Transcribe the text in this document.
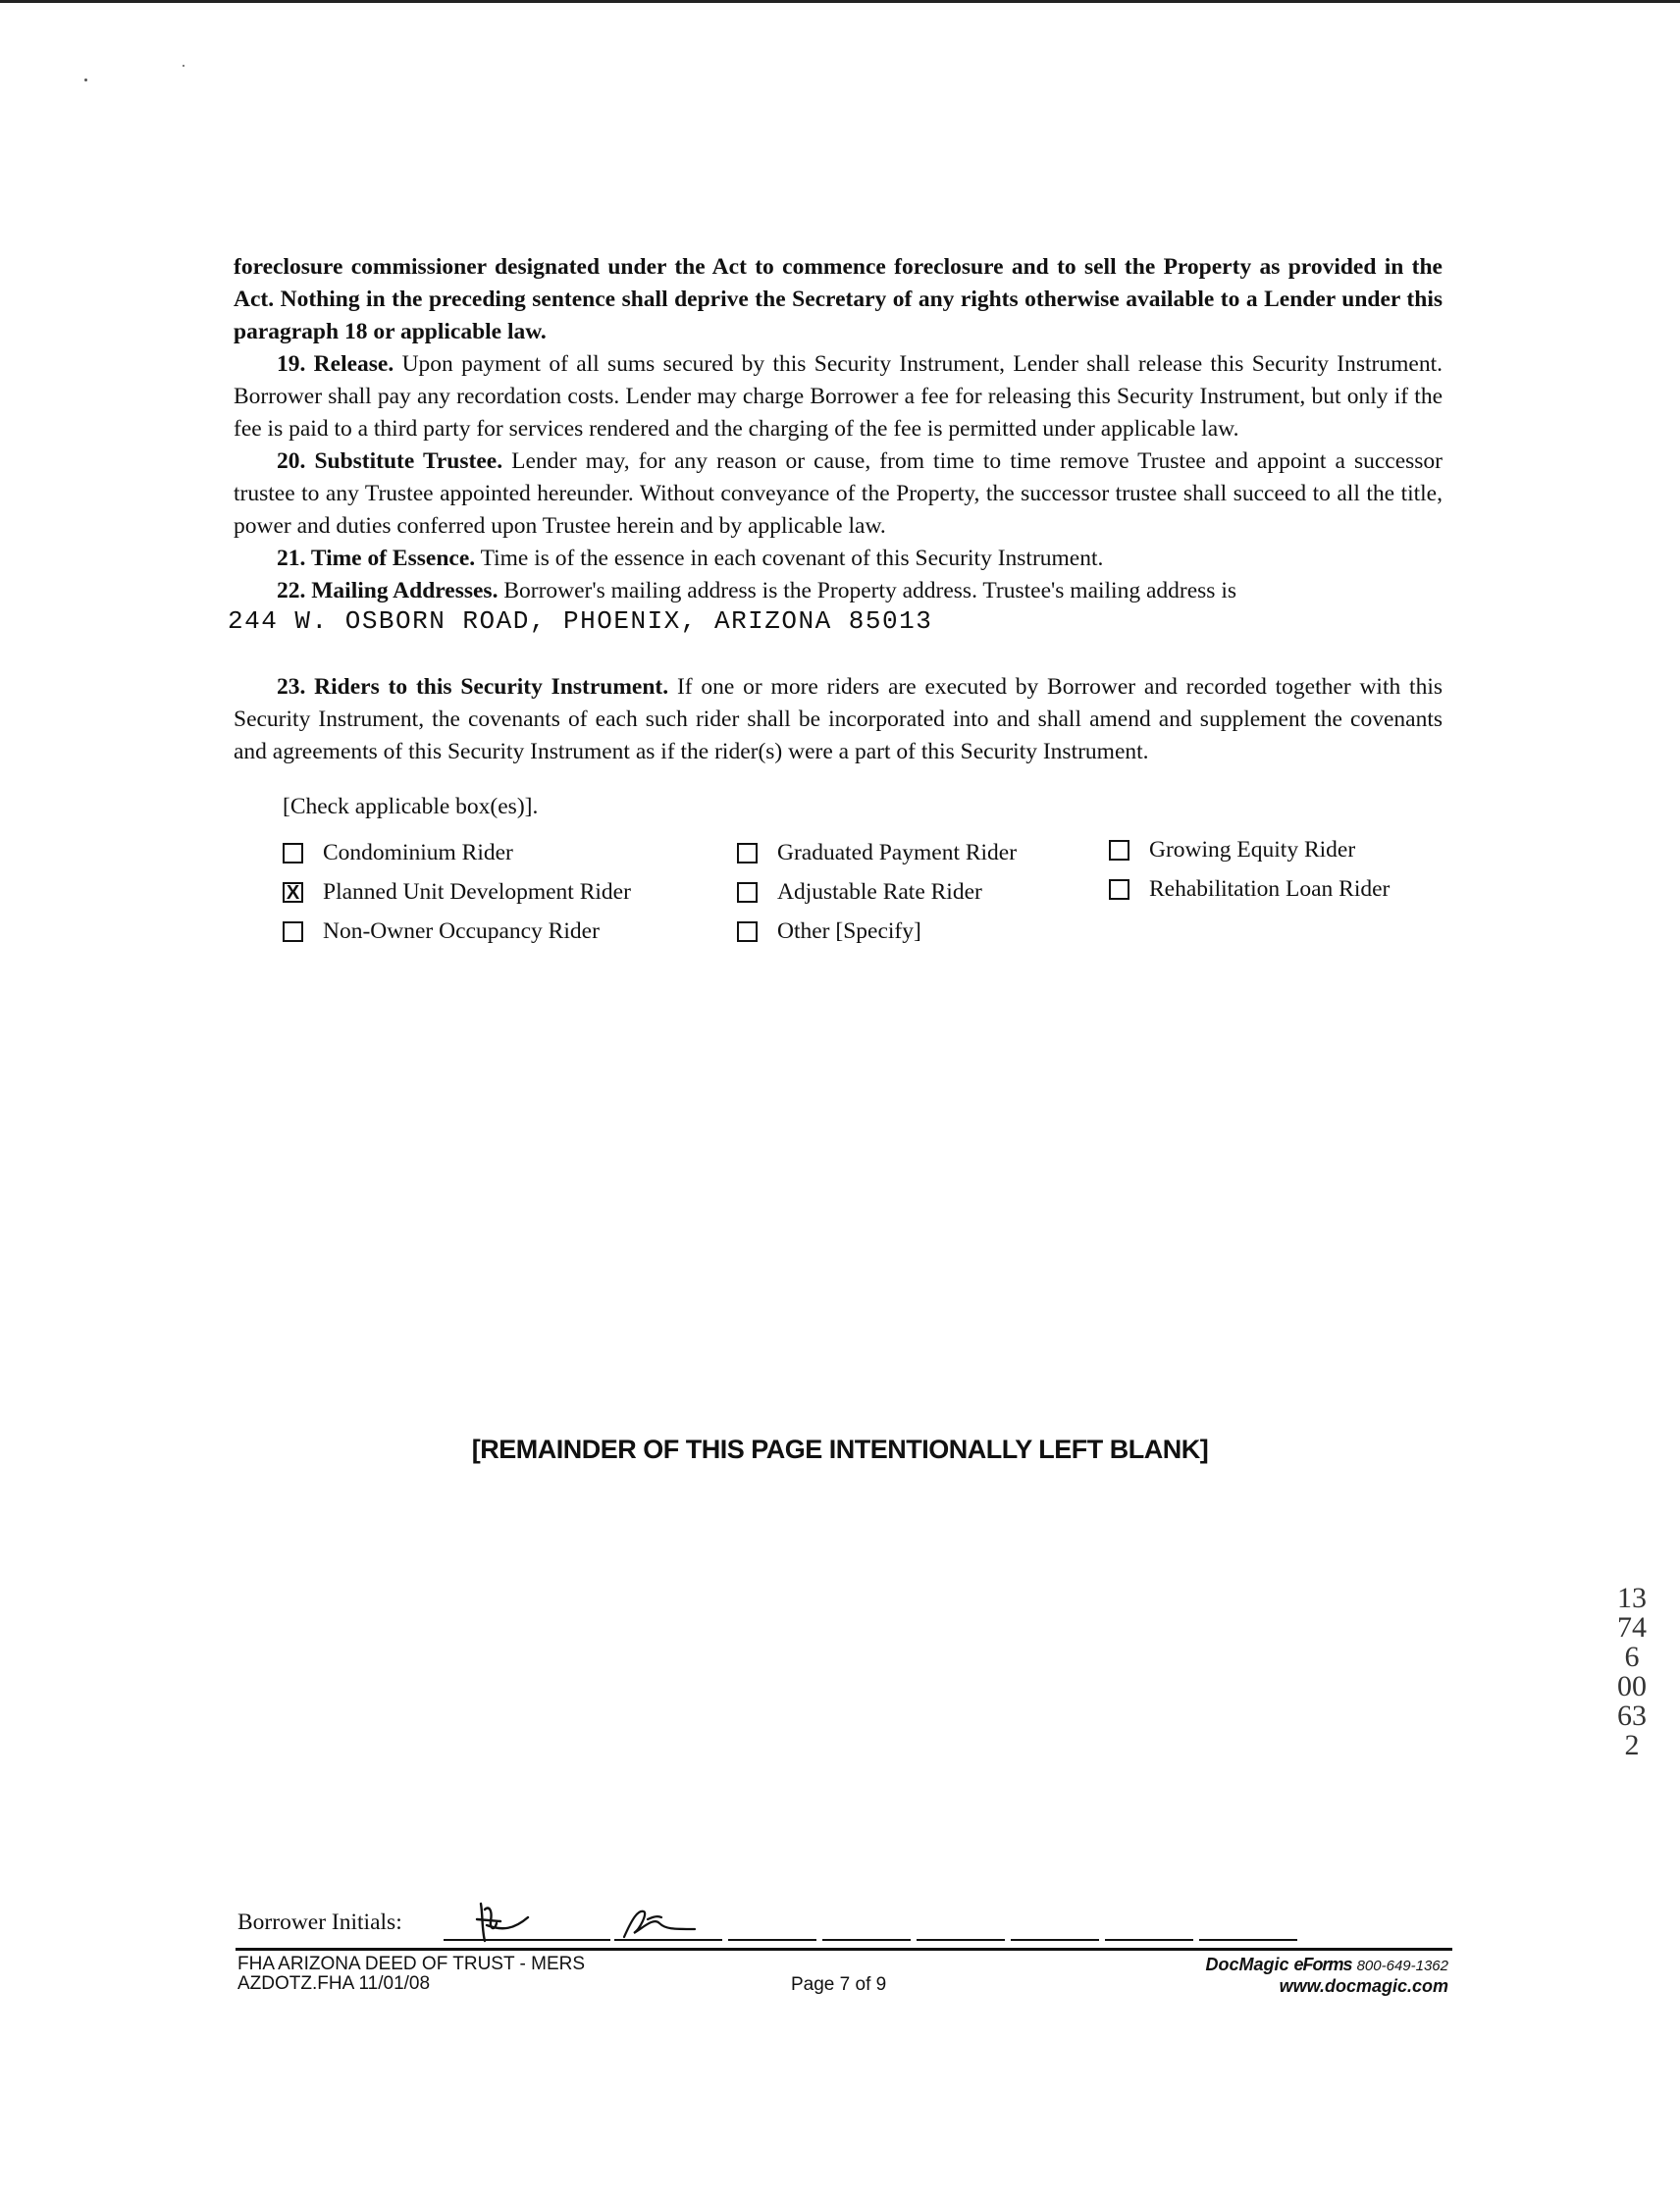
foreclosure commissioner designated under the Act to commence foreclosure and to sell the Property as provided in the Act. Nothing in the preceding sentence shall deprive the Secretary of any rights otherwise available to a Lender under this paragraph 18 or applicable law.

19. Release. Upon payment of all sums secured by this Security Instrument, Lender shall release this Security Instrument. Borrower shall pay any recordation costs. Lender may charge Borrower a fee for releasing this Security Instrument, but only if the fee is paid to a third party for services rendered and the charging of the fee is permitted under applicable law.

20. Substitute Trustee. Lender may, for any reason or cause, from time to time remove Trustee and appoint a successor trustee to any Trustee appointed hereunder. Without conveyance of the Property, the successor trustee shall succeed to all the title, power and duties conferred upon Trustee herein and by applicable law.

21. Time of Essence. Time is of the essence in each covenant of this Security Instrument.

22. Mailing Addresses. Borrower's mailing address is the Property address. Trustee's mailing address is
244 W. OSBORN ROAD, PHOENIX, ARIZONA 85013

23. Riders to this Security Instrument. If one or more riders are executed by Borrower and recorded together with this Security Instrument, the covenants of each such rider shall be incorporated into and shall amend and supplement the covenants and agreements of this Security Instrument as if the rider(s) were a part of this Security Instrument.

[Check applicable box(es)].
Condominium Rider
X Planned Unit Development Rider
Non-Owner Occupancy Rider
Graduated Payment Rider
Adjustable Rate Rider
Other [Specify]
Growing Equity Rider
Rehabilitation Loan Rider
[REMAINDER OF THIS PAGE INTENTIONALLY LEFT BLANK]
13746 00632
Borrower Initials:
FHA ARIZONA DEED OF TRUST - MERS
AZDOTZ.FHA 11/01/08	Page 7 of 9
DocMagic eForms 800-649-1362
www.docmagic.com
